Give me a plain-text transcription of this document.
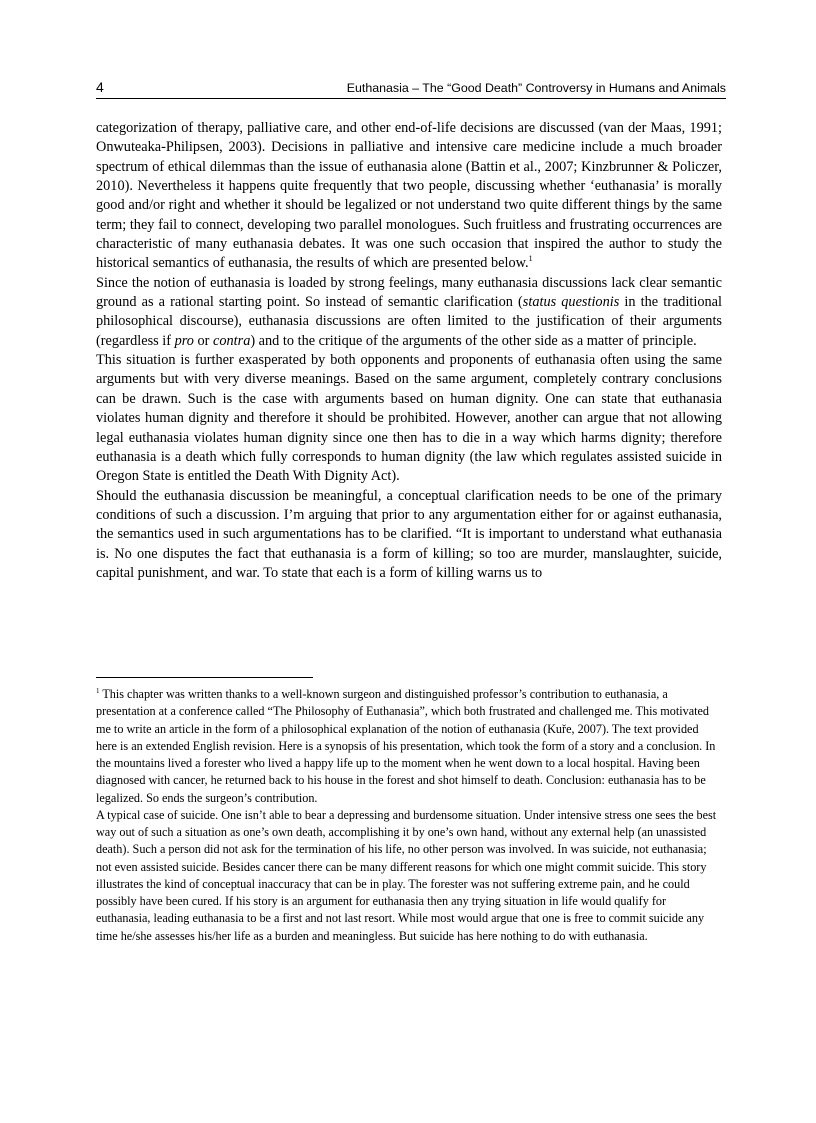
4	Euthanasia – The “Good Death” Controversy in Humans and Animals

categorization of therapy, palliative care, and other end-of-life decisions are discussed (van der Maas, 1991; Onwuteaka-Philipsen, 2003). Decisions in palliative and intensive care medicine include a much broader spectrum of ethical dilemmas than the issue of euthanasia alone (Battin et al., 2007; Kinzbrunner & Policzer, 2010). Nevertheless it happens quite frequently that two people, discussing whether ‘euthanasia’ is morally good and/or right and whether it should be legalized or not understand two quite different things by the same term; they fail to connect, developing two parallel monologues. Such fruitless and frustrating occurrences are characteristic of many euthanasia debates. It was one such occasion that inspired the author to study the historical semantics of euthanasia, the results of which are presented below.$^1$

Since the notion of euthanasia is loaded by strong feelings, many euthanasia discussions lack clear semantic ground as a rational starting point. So instead of semantic clarification (status questionis in the traditional philosophical discourse), euthanasia discussions are often limited to the justification of their arguments (regardless if pro or contra) and to the critique of the arguments of the other side as a matter of principle.

This situation is further exasperated by both opponents and proponents of euthanasia often using the same arguments but with very diverse meanings. Based on the same argument, completely contrary conclusions can be drawn. Such is the case with arguments based on human dignity. One can state that euthanasia violates human dignity and therefore it should be prohibited. However, another can argue that not allowing legal euthanasia violates human dignity since one then has to die in a way which harms dignity; therefore euthanasia is a death which fully corresponds to human dignity (the law which regulates assisted suicide in Oregon State is entitled the Death With Dignity Act).

Should the euthanasia discussion be meaningful, a conceptual clarification needs to be one of the primary conditions of such a discussion. I’m arguing that prior to any argumentation either for or against euthanasia, the semantics used in such argumentations has to be clarified. “It is important to understand what euthanasia is. No one disputes the fact that euthanasia is a form of killing; so too are murder, manslaughter, suicide, capital punishment, and war. To state that each is a form of killing warns us to

$^1$ This chapter was written thanks to a well-known surgeon and distinguished professor’s contribution to euthanasia, a presentation at a conference called “The Philosophy of Euthanasia”, which both frustrated and challenged me. This motivated me to write an article in the form of a philosophical explanation of the notion of euthanasia (Kuře, 2007). The text provided here is an extended English revision. Here is a synopsis of his presentation, which took the form of a story and a conclusion. In the mountains lived a forester who lived a happy life up to the moment when he went down to a local hospital. Having been diagnosed with cancer, he returned back to his house in the forest and shot himself to death. Conclusion: euthanasia has to be legalized. So ends the surgeon’s contribution.

A typical case of suicide. One isn’t able to bear a depressing and burdensome situation. Under intensive stress one sees the best way out of such a situation as one’s own death, accomplishing it by one’s own hand, without any external help (an unassisted death). Such a person did not ask for the termination of his life, no other person was involved. In was suicide, not euthanasia; not even assisted suicide. Besides cancer there can be many different reasons for which one might commit suicide. This story illustrates the kind of conceptual inaccuracy that can be in play. The forester was not suffering extreme pain, and he could possibly have been cured. If his story is an argument for euthanasia then any trying situation in life would qualify for euthanasia, leading euthanasia to be a first and not last resort. While most would argue that one is free to commit suicide any time he/she assesses his/her life as a burden and meaningless. But suicide has here nothing to do with euthanasia.
